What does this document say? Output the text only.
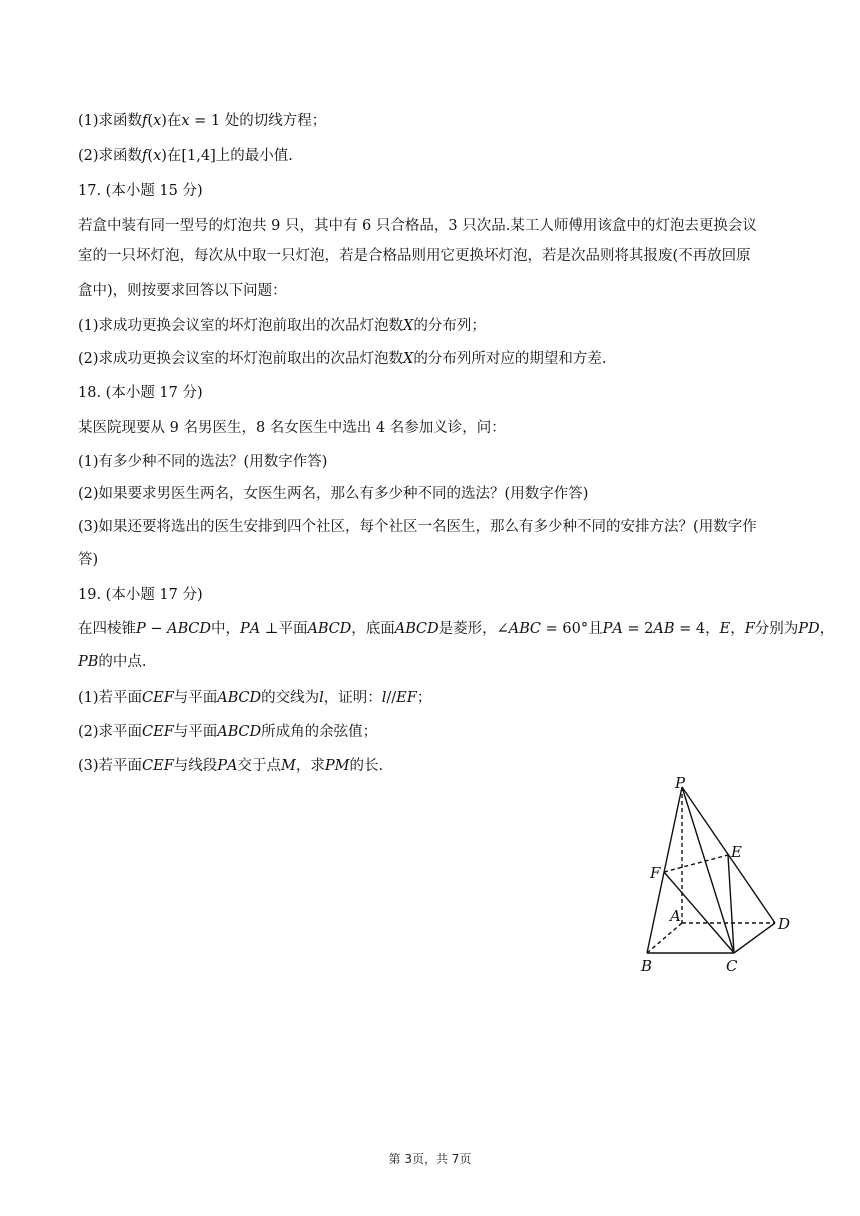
(1)求函数𝑓(𝑥)在𝑥 = 1 处的切线方程；
(2)求函数𝑓(𝑥)在[1,4]上的最小值.
17. (本小题 15 分)
若盒中装有同一型号的灯泡共 9 只，其中有 6 只合格品，3 只次品.某工人师傅用该盒中的灯泡去更换会议
室的一只坏灯泡，每次从中取一只灯泡，若是合格品则用它更换坏灯泡，若是次品则将其报废(不再放回原
盒中)，则按要求回答以下问题：
(1)求成功更换会议室的坏灯泡前取出的次品灯泡数𝑋的分布列；
(2)求成功更换会议室的坏灯泡前取出的次品灯泡数𝑋的分布列所对应的期望和方差.
18. (本小题 17 分)
某医院现要从 9 名男医生，8 名女医生中选出 4 名参加义诊，问：
(1)有多少种不同的选法？(用数字作答)
(2)如果要求男医生两名，女医生两名，那么有多少种不同的选法？(用数字作答)
(3)如果还要将选出的医生安排到四个社区，每个社区一名医生，那么有多少种不同的安排方法？(用数字作
答)
19. (本小题 17 分)
在四棱锥𝑃 − 𝐴𝐵𝐶𝐷中，𝑃𝐴 ⊥平面𝐴𝐵𝐶𝐷，底面𝐴𝐵𝐶𝐷是菱形，∠𝐴𝐵𝐶 = 60°且𝑃𝐴 = 2𝐴𝐵 = 4，𝐸，𝐹分别为𝑃𝐷，
𝑃𝐵的中点.
(1)若平面𝐶𝐸𝐹与平面𝐴𝐵𝐶𝐷的交线为𝑙，证明：𝑙//𝐸𝐹；
(2)求平面𝐶𝐸𝐹与平面𝐴𝐵𝐶𝐷所成角的余弦值；
(3)若平面𝐶𝐸𝐹与线段𝑃𝐴交于点𝑀，求𝑃𝑀的长.
P
E
F
A	D
B	C
第 3页，共 7页
